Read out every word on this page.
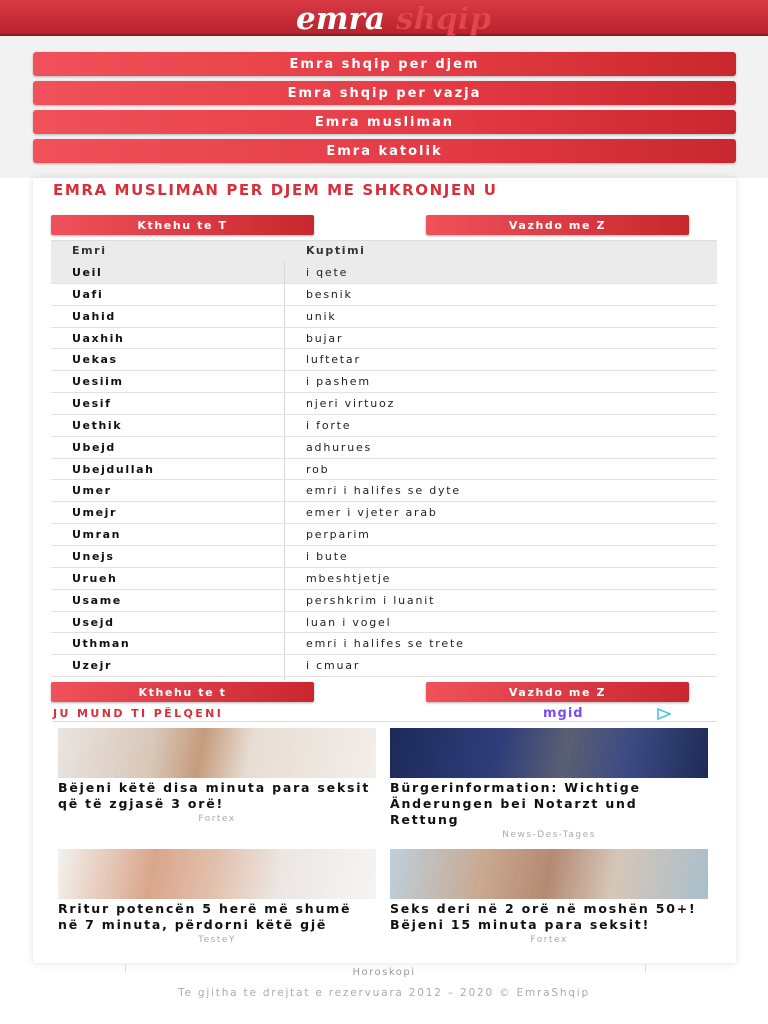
emra shqip
Emra shqip per djem
Emra shqip per vazja
Emra musliman
Emra katolik
EMRA MUSLIMAN PER DJEM ME SHKRONJEN U
Kthehu te T	Vazhdo me Z
Emri	Kuptimi
Ueil	i qete
Uafi	besnik
Uahid	unik
Uaxhih	bujar
Uekas	luftetar
Uesiim	i pashem
Uesif	njeri virtuoz
Uethik	i forte
Ubejd	adhurues
Ubejdullah	rob
Umer	emri i halifes se dyte
Umejr	emer i vjeter arab
Umran	perparim
Unejs	i bute
Urueh	mbeshtjetje
Usame	pershkrim i luanit
Usejd	luan i vogel
Uthman	emri i halifes se trete
Uzejr	i cmuar
Kthehu te t	Vazhdo me Z
JU MUND TI PËLQENI	mgid
Bëjeni këtë disa minuta para seksit që të zgjasë 3 orë!
Fortex
Bürgerinformation: Wichtige Änderungen bei Notarzt und Rettung
News-Des-Tages
Rritur potencën 5 herë më shumë në 7 minuta, përdorni këtë gjë
TesteY
Seks deri në 2 orë në moshën 50+! Bëjeni 15 minuta para seksit!
Fortex
Horoskopi
Te gjitha te drejtat e rezervuara 2012 – 2020 © EmraShqip
